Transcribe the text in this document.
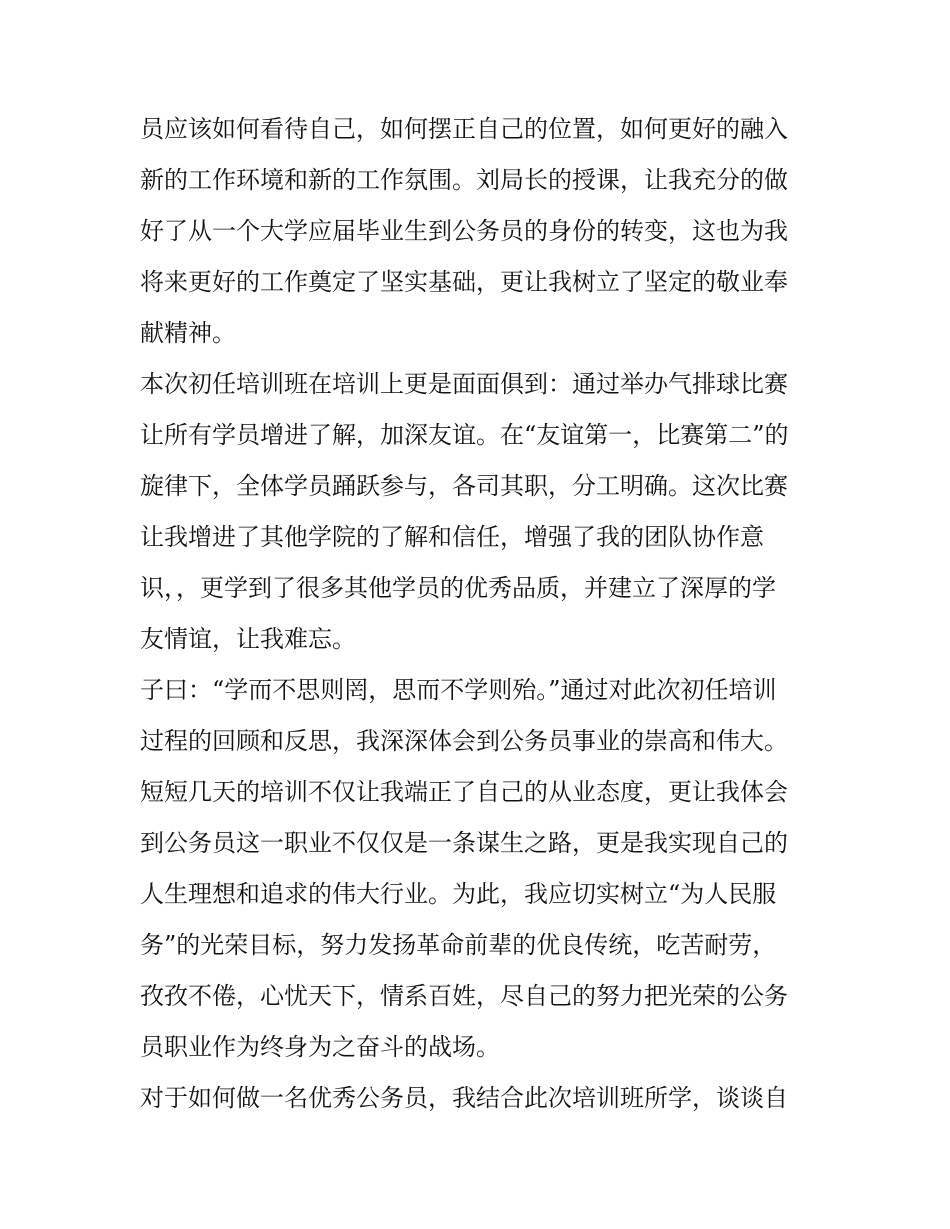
员应该如何看待自己，如何摆正自己的位置，如何更好的融入
新的工作环境和新的工作氛围。刘局长的授课，让我充分的做
好了从一个大学应届毕业生到公务员的身份的转变，这也为我
将来更好的工作奠定了坚实基础，更让我树立了坚定的敬业奉
献精神。
本次初任培训班在培训上更是面面俱到：通过举办气排球比赛
让所有学员增进了解，加深友谊。在“友谊第一，比赛第二”的
旋律下，全体学员踊跃参与，各司其职，分工明确。这次比赛
让我增进了其他学院的了解和信任，增强了我的团队协作意
识，，更学到了很多其他学员的优秀品质，并建立了深厚的学
友情谊，让我难忘。
子曰：“学而不思则罔，思而不学则殆。”通过对此次初任培训
过程的回顾和反思，我深深体会到公务员事业的崇高和伟大。
短短几天的培训不仅让我端正了自己的从业态度，更让我体会
到公务员这一职业不仅仅是一条谋生之路，更是我实现自己的
人生理想和追求的伟大行业。为此，我应切实树立“为人民服
务”的光荣目标，努力发扬革命前辈的优良传统，吃苦耐劳，
孜孜不倦，心忧天下，情系百姓，尽自己的努力把光荣的公务
员职业作为终身为之奋斗的战场。
对于如何做一名优秀公务员，我结合此次培训班所学，谈谈自
